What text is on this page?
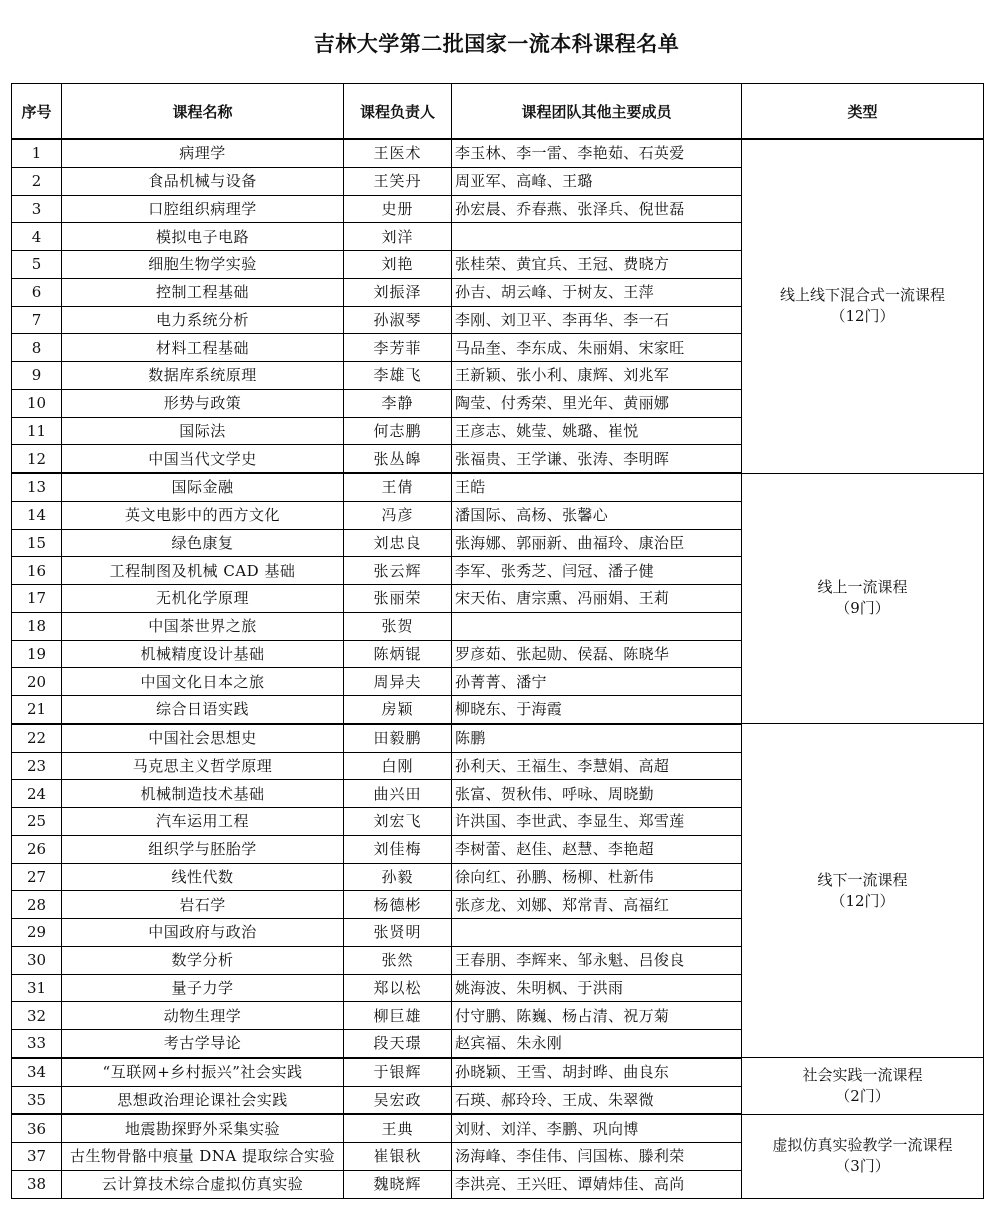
吉林大学第二批国家一流本科课程名单
序号	课程名称	课程负责人	课程团队其他主要成员	类型
1	病理学	王医术	李玉林、李一雷、李艳茹、石英爱	线上线下混合式一流课程
（12门）

2	食品机械与设备	王笑丹	周亚军、高峰、王璐	
3	口腔组织病理学	史册	孙宏晨、乔春燕、张泽兵、倪世磊	
4	模拟电子电路	刘洋		
5	细胞生物学实验	刘艳	张桂荣、黄宜兵、王冠、费晓方	
6	控制工程基础	刘振泽	孙吉、胡云峰、于树友、王萍	
7	电力系统分析	孙淑琴	李刚、刘卫平、李再华、李一石	
8	材料工程基础	李芳菲	马品奎、李东成、朱丽娟、宋家旺	
9	数据库系统原理	李雄飞	王新颖、张小利、康辉、刘兆军	
10	形势与政策	李静	陶莹、付秀荣、里光年、黄丽娜	
11	国际法	何志鹏	王彦志、姚莹、姚璐、崔悦	
12	中国当代文学史	张丛皞	张福贵、王学谦、张涛、李明晖	
13	国际金融	王倩	王皓	线上一流课程
（9门）

14	英文电影中的西方文化	冯彦	潘国际、高杨、张馨心	
15	绿色康复	刘忠良	张海娜、郭丽新、曲福玲、康治臣	
16	工程制图及机械 CAD 基础	张云辉	李军、张秀芝、闫冠、潘子健	
17	无机化学原理	张丽荣	宋天佑、唐宗熏、冯丽娟、王莉	
18	中国茶世界之旅	张贺		
19	机械精度设计基础	陈炳锟	罗彦茹、张起勋、侯磊、陈晓华	
20	中国文化日本之旅	周异夫	孙菁菁、潘宁	
21	综合日语实践	房颖	柳晓东、于海霞	
22	中国社会思想史	田毅鹏	陈鹏	线下一流课程
（12门）

23	马克思主义哲学原理	白刚	孙利天、王福生、李慧娟、高超	
24	机械制造技术基础	曲兴田	张富、贺秋伟、呼咏、周晓勤	
25	汽车运用工程	刘宏飞	许洪国、李世武、李显生、郑雪莲	
26	组织学与胚胎学	刘佳梅	李树蕾、赵佳、赵慧、李艳超	
27	线性代数	孙毅	徐向红、孙鹏、杨柳、杜新伟	
28	岩石学	杨德彬	张彦龙、刘娜、郑常青、高福红	
29	中国政府与政治	张贤明		
30	数学分析	张然	王春朋、李辉来、邹永魁、吕俊良	
31	量子力学	郑以松	姚海波、朱明枫、于洪雨	
32	动物生理学	柳巨雄	付守鹏、陈巍、杨占清、祝万菊	
33	考古学导论	段天璟	赵宾福、朱永刚	
34	“互联网+乡村振兴”社会实践	于银辉	孙晓颖、王雪、胡封晔、曲良东	社会实践一流课程
（2门）

35	思想政治理论课社会实践	吴宏政	石瑛、郝玲玲、王成、朱翠微	
36	地震勘探野外采集实验	王典	刘财、刘洋、李鹏、巩向博	虚拟仿真实验教学一流课程
（3门）

37	古生物骨骼中痕量 DNA 提取综合实验	崔银秋	汤海峰、李佳伟、闫国栋、滕利荣	
38	云计算技术综合虚拟仿真实验	魏晓辉	李洪亮、王兴旺、谭婧炜佳、高尚	
